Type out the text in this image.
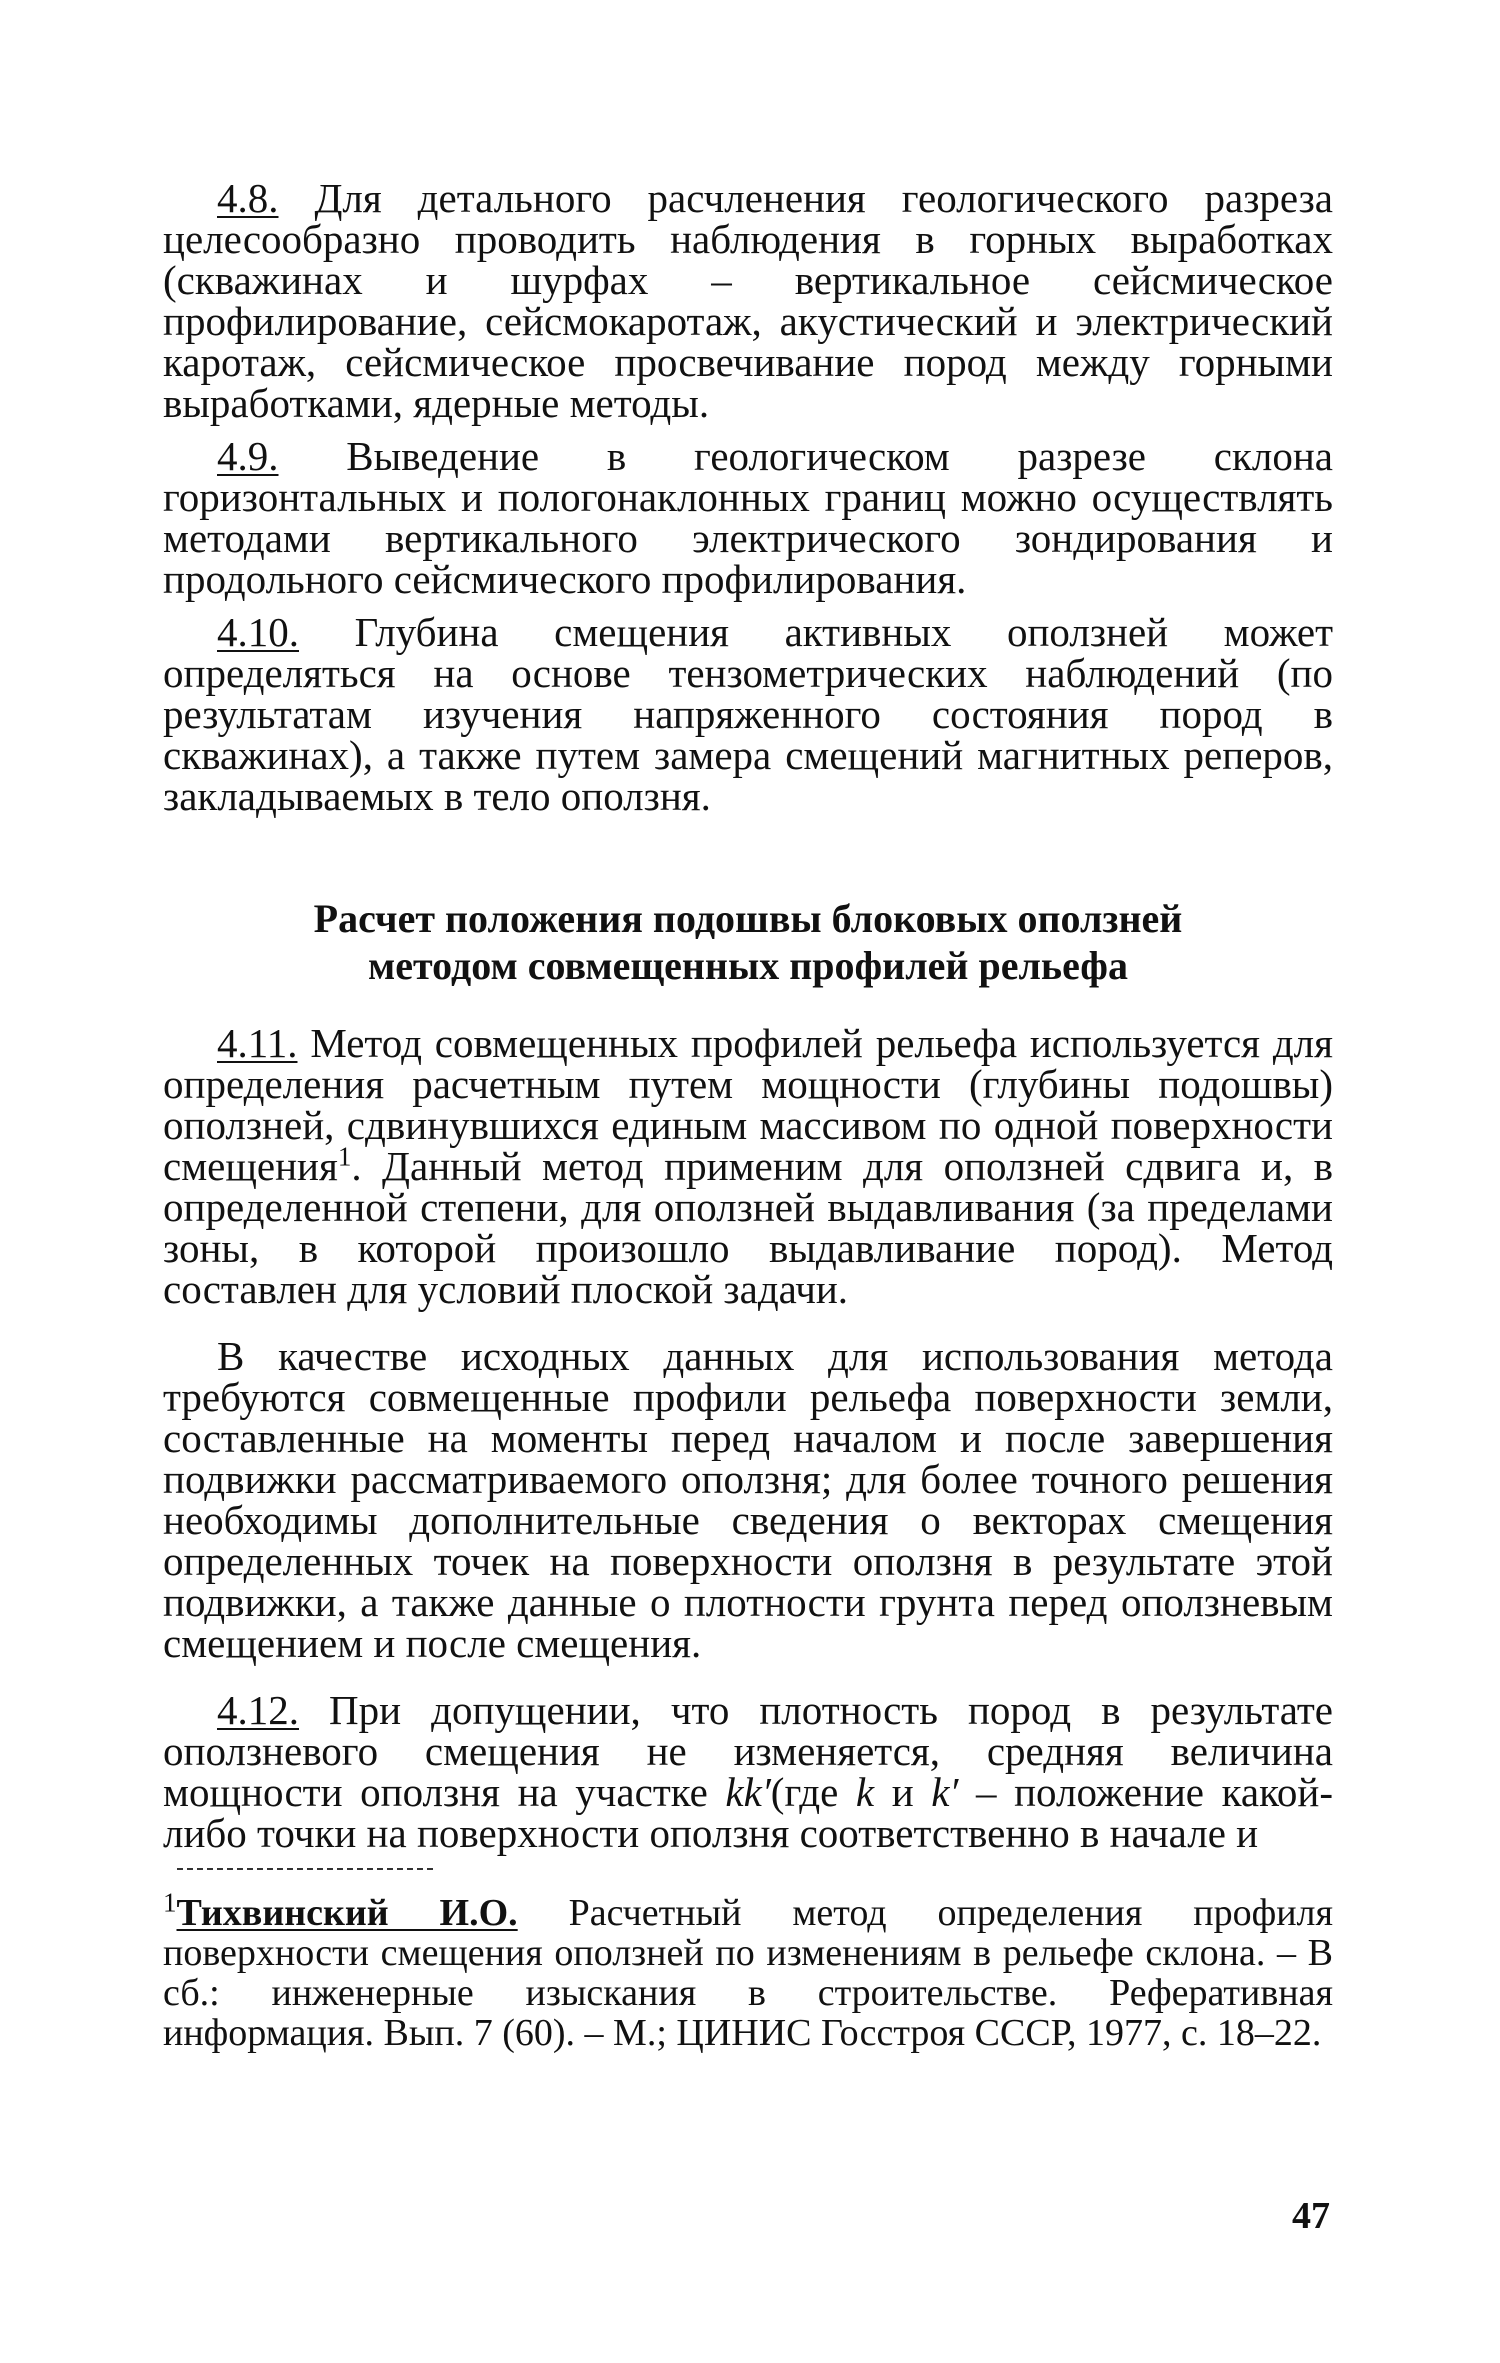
4.8. Для детального расчленения геологического разреза целесообразно проводить наблюдения в горных выработках (скважинах и шурфах – вертикальное сейсмическое профилирование, сейсмокаротаж, акустический и электрический каротаж, сейсмическое просвечивание пород между горными выработками, ядерные методы.

4.9. Выведение в геологическом разрезе склона горизонтальных и пологонаклонных границ можно осуществлять методами вертикального электрического зондирования и продольного сейсмического профилирования.

4.10. Глубина смещения активных оползней может определяться на основе тензометрических наблюдений (по результатам изучения напряженного состояния пород в скважинах), а также путем замера смещений магнитных реперов, закладываемых в тело оползня.

Расчет положения подошвы блоковых оползней
методом совмещенных профилей рельефа

4.11. Метод совмещенных профилей рельефа используется для определения расчетным путем мощности (глубины подошвы) оползней, сдвинувшихся единым массивом по одной поверхности смещения$^1$. Данный метод применим для оползней сдвига и, в определенной степени, для оползней выдавливания (за пределами зоны, в которой произошло выдавливание пород). Метод составлен для условий плоской задачи.

В качестве исходных данных для использования метода требуются совмещенные профили рельефа поверхности земли, составленные на моменты перед началом и после завершения подвижки рассматриваемого оползня; для более точного решения необходимы дополнительные сведения о векторах смещения определенных точек на поверхности оползня в результате этой подвижки, а также данные о плотности грунта перед оползневым смещением и после смещения.

4.12. При допущении, что плотность пород в результате оползневого смещения не изменяется, средняя величина мощности оползня на участке kk′(где k и k′ – положение какой-либо точки на поверхности оползня соответственно в начале и

$^1$Тихвинский И.О. Расчетный метод определения профиля поверхности смещения оползней по изменениям в рельефе склона. – В сб.: инженерные изыскания в строительстве. Реферативная информация. Вып. 7 (60). – М.; ЦИНИС Госстроя СССР, 1977, с. 18–22.

47
